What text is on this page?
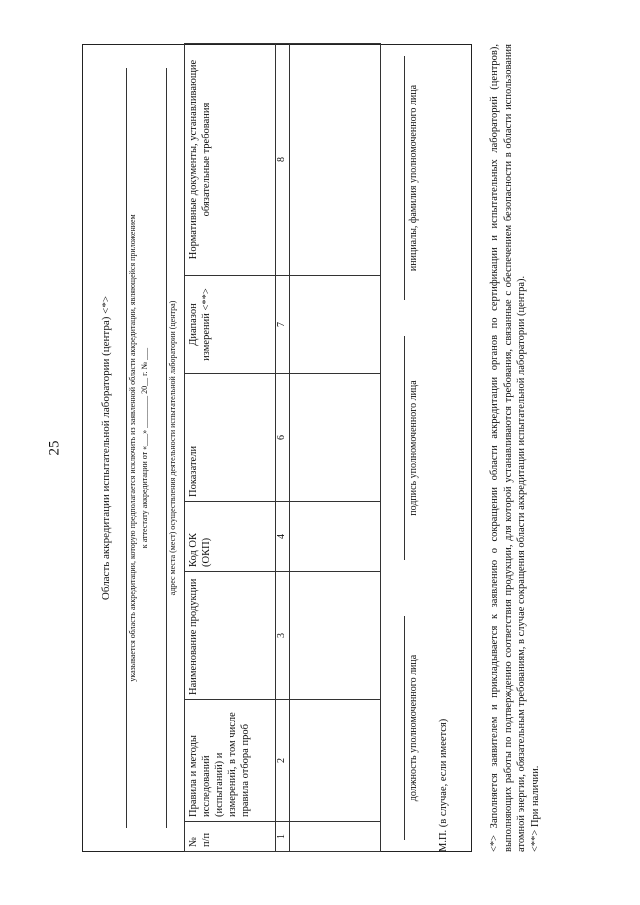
25	Область аккредитации испытательной лаборатории (центра) <*> указывается область аккредитации, которую предполагается исключить из заявленной области аккредитации, являющейся приложением к аттестату аккредитации от «___» ________ 20__ г. № ___ адрес места (мест) осуществления деятельности испытательной лаборатории (центра)
№ п/п	Правила и методы исследований (испытаний) и измерений, в том числе правила отбора проб	Наименование продукции	Код ОК (ОКП)	Показатели	Диапазон измерений <**>	Нормативные документы, устанавливающие обязательные требования
1	2	3	4	6	7	8

должность уполномоченного лица
подпись уполномоченного лица
инициалы, фамилия уполномоченного лица
М.П. (в случае, если имеется)	<*> Заполняется заявителем и прикладывается к заявлению о сокращении области аккредитации органов по сертификации и испытательных лабораторий (центров), выполняющих работы по подтверждению соответствия продукции, для которой устанавливаются требования, связанные с обеспечением безопасности в области использования атомной энергии, обязательным требованиям, в случае сокращения области аккредитации испытательной лаборатории (центра). <**> При наличии.
